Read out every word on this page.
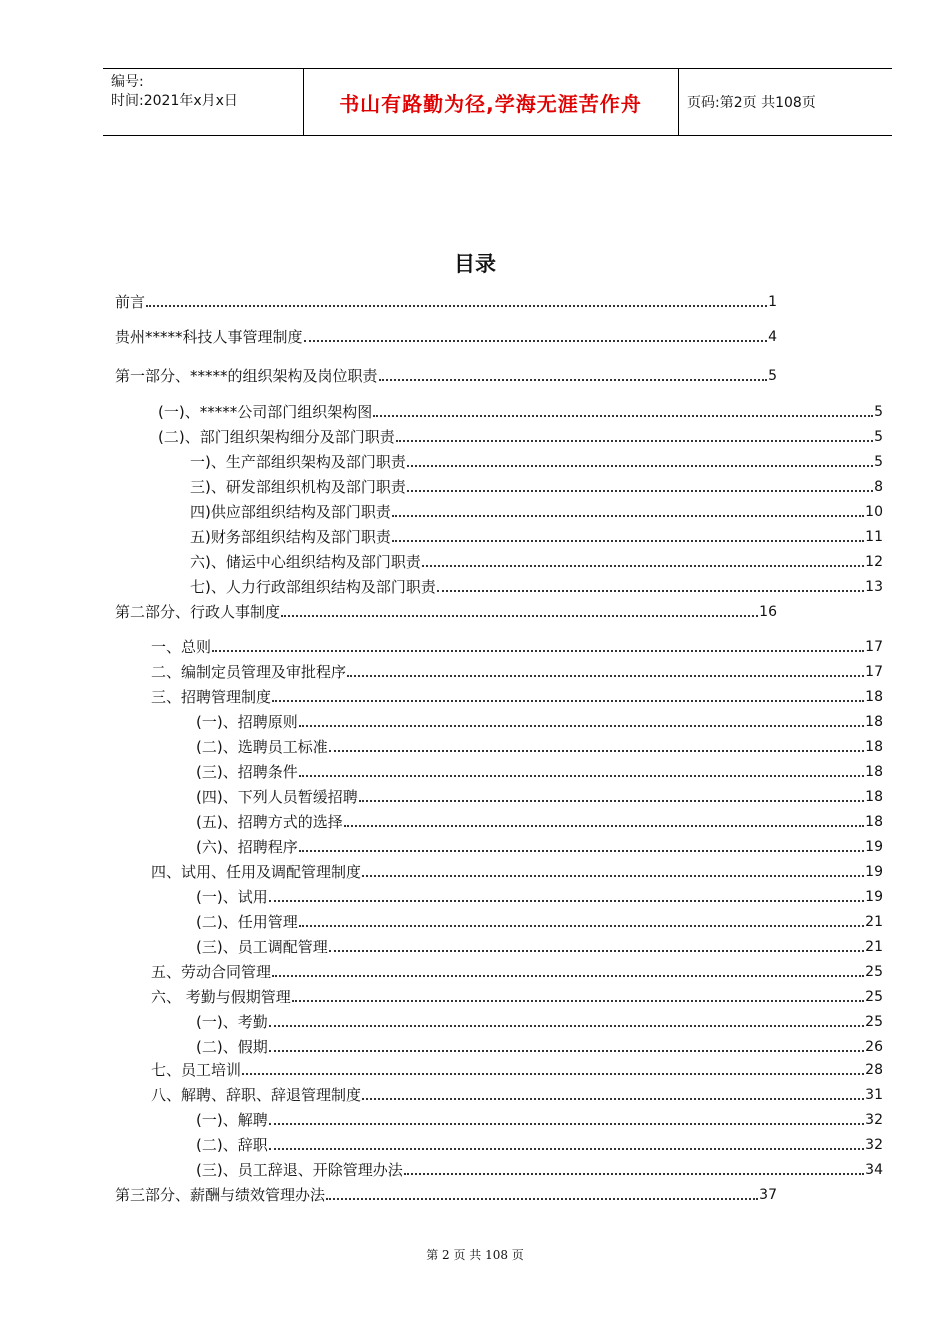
编号:
时间:2021年x月x日	书山有路勤为径,学海无涯苦作舟	页码:第2页 共108页
目录
前言	1
贵州*****科技人事管理制度	4
第一部分、*****的组织架构及岗位职责	5
(一)、*****公司部门组织架构图	5
(二)、部门组织架构细分及部门职责	5
一)、生产部组织架构及部门职责	5
三)、研发部组织机构及部门职责	8
四)供应部组织结构及部门职责	10
五)财务部组织结构及部门职责	11
六)、储运中心组织结构及部门职责	12
七)、人力行政部组织结构及部门职责	13
第二部分、行政人事制度	16
一、总则	17
二、编制定员管理及审批程序	17
三、招聘管理制度	18
(一)、招聘原则	18
(二)、选聘员工标准	18
(三)、招聘条件	18
(四)、下列人员暂缓招聘	18
(五)、招聘方式的选择	18
(六)、招聘程序	19
四、试用、任用及调配管理制度	19
(一)、试用	19
(二)、任用管理	21
(三)、员工调配管理	21
五、劳动合同管理	25
六、 考勤与假期管理	25
(一)、考勤	25
(二)、假期	26
七、员工培训	28
八、解聘、辞职、辞退管理制度	31
(一)、解聘	32
(二)、辞职	32
(三)、员工辞退、开除管理办法	34
第三部分、薪酬与绩效管理办法	37
第 2 页 共 108 页
